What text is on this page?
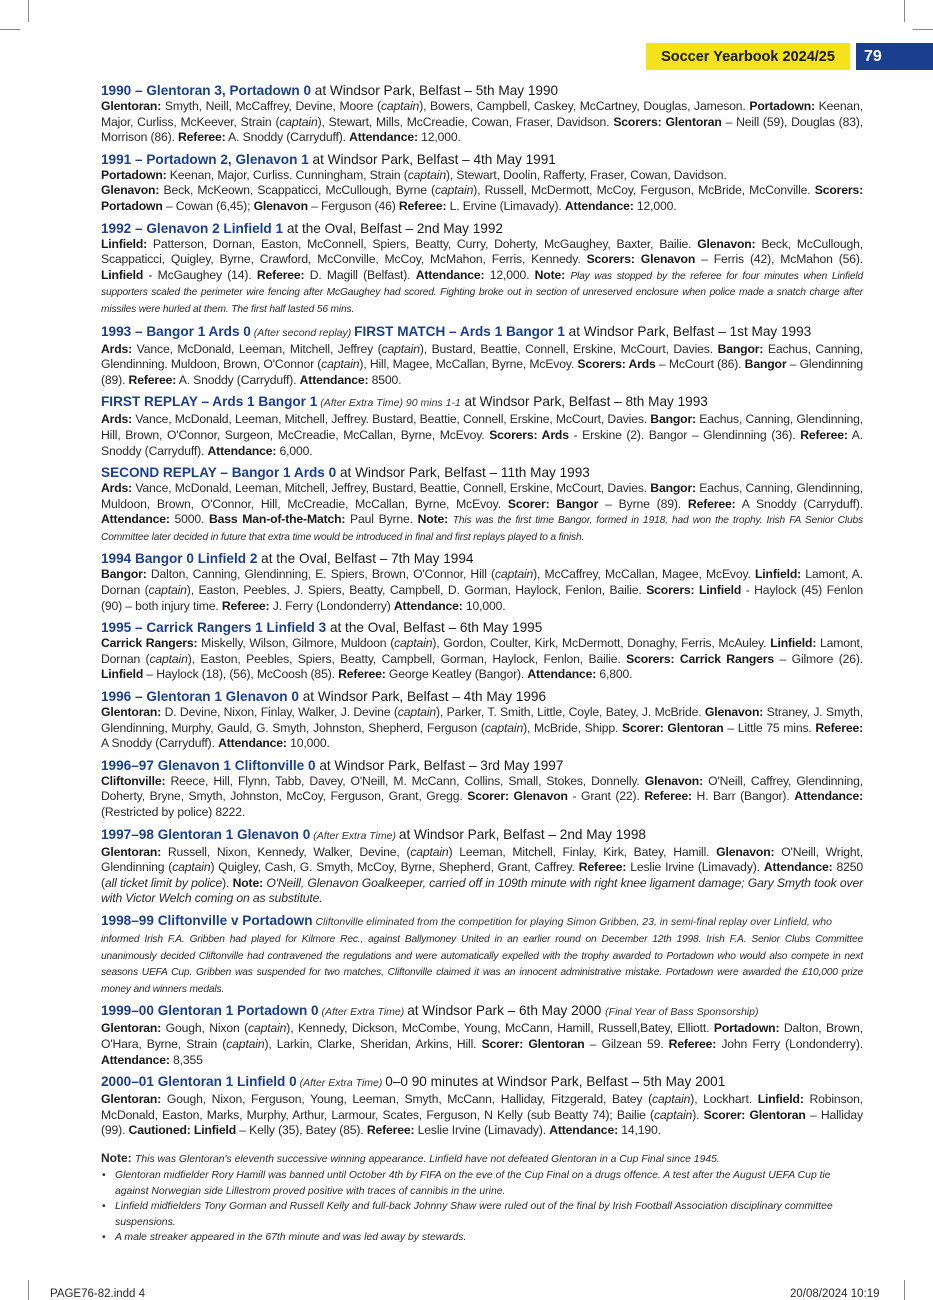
Soccer Yearbook 2024/25	79
1990 – Glentoran 3, Portadown 0 at Windsor Park, Belfast – 5th May 1990
Glentoran: Smyth, Neill, McCaffrey, Devine, Moore (captain), Bowers, Campbell, Caskey, McCartney, Douglas, Jameson. Portadown: Keenan, Major, Curliss, McKeever, Strain (captain), Stewart, Mills, McCreadie, Cowan, Fraser, Davidson. Scorers: Glentoran – Neill (59), Douglas (83), Morrison (86). Referee: A. Snoddy (Carryduff). Attendance: 12,000.
1991 – Portadown 2, Glenavon 1 at Windsor Park, Belfast – 4th May 1991
Portadown: Keenan, Major, Curliss. Cunningham, Strain (captain), Stewart, Doolin, Rafferty, Fraser, Cowan, Davidson.
Glenavon: Beck, McKeown, Scappaticci, McCullough, Byrne (captain), Russell, McDermott, McCoy, Ferguson, McBride, McConville. Scorers: Portadown – Cowan (6,45); Glenavon – Ferguson (46) Referee: L. Ervine (Limavady). Attendance: 12,000.
1992 – Glenavon 2 Linfield 1 at the Oval, Belfast – 2nd May 1992
Linfield: Patterson, Dornan, Easton, McConnell, Spiers, Beatty, Curry, Doherty, McGaughey, Baxter, Bailie. Glenavon: Beck, McCullough, Scappaticci, Quigley, Byrne, Crawford, McConville, McCoy, McMahon, Ferris, Kennedy. Scorers: Glenavon – Ferris (42), McMahon (56). Linfield - McGaughey (14). Referee: D. Magill (Belfast). Attendance: 12,000. Note: Play was stopped by the referee for four minutes when Linfield supporters scaled the perimeter wire fencing after McGaughey had scored. Fighting broke out in section of unreserved enclosure when police made a snatch charge after missiles were hurled at them. The first half lasted 56 mins.
1993 – Bangor 1 Ards 0 (After second replay) FIRST MATCH – Ards 1 Bangor 1 at Windsor Park, Belfast – 1st May 1993
Ards: Vance, McDonald, Leeman, Mitchell, Jeffrey (captain), Bustard, Beattie, Connell, Erskine, McCourt, Davies. Bangor: Eachus, Canning, Glendinning. Muldoon, Brown, O'Connor (captain), Hill, Magee, McCallan, Byrne, McEvoy. Scorers: Ards – McCourt (86). Bangor – Glendinning (89). Referee: A. Snoddy (Carryduff). Attendance: 8500.
FIRST REPLAY – Ards 1 Bangor 1 (After Extra Time) 90 mins 1-1 at Windsor Park, Belfast – 8th May 1993
Ards: Vance, McDonald, Leeman, Mitchell, Jeffrey. Bustard, Beattie, Connell, Erskine, McCourt, Davies. Bangor: Eachus, Canning, Glendinning, Hill, Brown, O'Connor, Surgeon, McCreadie, McCallan, Byrne, McEvoy. Scorers: Ards - Erskine (2). Bangor – Glendinning (36). Referee: A. Snoddy (Carryduff). Attendance: 6,000.
SECOND REPLAY – Bangor 1 Ards 0 at Windsor Park, Belfast – 11th May 1993
Ards: Vance, McDonald, Leeman, Mitchell, Jeffrey, Bustard, Beattie, Connell, Erskine, McCourt, Davies. Bangor: Eachus, Canning, Glendinning, Muldoon, Brown, O'Connor, Hill, McCreadie, McCallan, Byrne, McEvoy. Scorer: Bangor – Byrne (89). Referee: A Snoddy (Carryduff). Attendance: 5000. Bass Man-of-the-Match: Paul Byrne. Note: This was the first time Bangor, formed in 1918, had won the trophy. Irish FA Senior Clubs Committee later decided in future that extra time would be introduced in final and first replays played to a finish.
1994 Bangor 0 Linfield 2 at the Oval, Belfast – 7th May 1994
Bangor: Dalton, Canning, Glendinning, E. Spiers, Brown, O'Connor, Hill (captain), McCaffrey, McCallan, Magee, McEvoy. Linfield: Lamont, A. Dornan (captain), Easton, Peebles, J. Spiers, Beatty, Campbell, D. Gorman, Haylock, Fenlon, Bailie. Scorers: Linfield - Haylock (45) Fenlon (90) – both injury time. Referee: J. Ferry (Londonderry) Attendance: 10,000.
1995 – Carrick Rangers 1 Linfield 3 at the Oval, Belfast – 6th May 1995
Carrick Rangers: Miskelly, Wilson, Gilmore, Muldoon (captain), Gordon, Coulter, Kirk, McDermott, Donaghy, Ferris, McAuley. Linfield: Lamont, Dornan (captain), Easton, Peebles, Spiers, Beatty, Campbell, Gorman, Haylock, Fenlon, Bailie. Scorers: Carrick Rangers – Gilmore (26). Linfield – Haylock (18), (56), McCoosh (85). Referee: George Keatley (Bangor). Attendance: 6,800.
1996 – Glentoran 1 Glenavon 0 at Windsor Park, Belfast – 4th May 1996
Glentoran: D. Devine, Nixon, Finlay, Walker, J. Devine (captain), Parker, T. Smith, Little, Coyle, Batey, J. McBride. Glenavon: Straney, J. Smyth, Glendinning, Murphy, Gauld, G. Smyth, Johnston, Shepherd, Ferguson (captain), McBride, Shipp. Scorer: Glentoran – Little 75 mins. Referee: A Snoddy (Carryduff). Attendance: 10,000.
1996–97 Glenavon 1 Cliftonville 0 at Windsor Park, Belfast – 3rd May 1997
Cliftonville: Reece, Hill, Flynn, Tabb, Davey, O'Neill, M. McCann, Collins, Small, Stokes, Donnelly. Glenavon: O'Neill, Caffrey, Glendinning, Doherty, Bryne, Smyth, Johnston, McCoy, Ferguson, Grant, Gregg. Scorer: Glenavon - Grant (22). Referee: H. Barr (Bangor). Attendance: (Restricted by police) 8222.
1997–98 Glentoran 1 Glenavon 0 (After Extra Time) at Windsor Park, Belfast – 2nd May 1998
Glentoran: Russell, Nixon, Kennedy, Walker, Devine, (captain) Leeman, Mitchell, Finlay, Kirk, Batey, Hamill. Glenavon: O'Neill, Wright, Glendinning (captain) Quigley, Cash, G. Smyth, McCoy, Byrne, Shepherd, Grant, Caffrey. Referee: Leslie Irvine (Limavady). Attendance: 8250 (all ticket limit by police). Note: O'Neill, Glenavon Goalkeeper, carried off in 109th minute with right knee ligament damage; Gary Smyth took over with Victor Welch coming on as substitute.
1998–99 Cliftonville v Portadown Cliftonville eliminated from the competition for playing Simon Gribben, 23, in semi-final replay over Linfield, who
informed Irish F.A. Gribben had played for Kilmore Rec., against Ballymoney United in an earlier round on December 12th 1998. Irish F.A. Senior Clubs Committee unanimously decided Cliftonville had contravened the regulations and were automatically expelled with the trophy awarded to Portadown who would also compete in next seasons UEFA Cup. Gribben was suspended for two matches, Cliftonville claimed it was an innocent administrative mistake. Portadown were awarded the £10,000 prize money and winners medals.
1999–00 Glentoran 1 Portadown 0 (After Extra Time) at Windsor Park – 6th May 2000 (Final Year of Bass Sponsorship)
Glentoran: Gough, Nixon (captain), Kennedy, Dickson, McCombe, Young, McCann, Hamill, Russell,Batey, Elliott. Portadown: Dalton, Brown, O'Hara, Byrne, Strain (captain), Larkin, Clarke, Sheridan, Arkins, Hill. Scorer: Glentoran – Gilzean 59. Referee: John Ferry (Londonderry). Attendance: 8,355
2000–01 Glentoran 1 Linfield 0 (After Extra Time) 0–0 90 minutes at Windsor Park, Belfast – 5th May 2001
Glentoran: Gough, Nixon, Ferguson, Young, Leeman, Smyth, McCann, Halliday, Fitzgerald, Batey (captain), Lockhart. Linfield: Robinson, McDonald, Easton, Marks, Murphy, Arthur, Larmour, Scates, Ferguson, N Kelly (sub Beatty 74); Bailie (captain). Scorer: Glentoran – Halliday (99). Cautioned: Linfield – Kelly (35), Batey (85). Referee: Leslie Irvine (Limavady). Attendance: 14,190.
Note: This was Glentoran's eleventh successive winning appearance. Linfield have not defeated Glentoran in a Cup Final since 1945.
• Glentoran midfielder Rory Hamill was banned until October 4th by FIFA on the eve of the Cup Final on a drugs offence. A test after the August UEFA Cup tie against Norwegian side Lillestrom proved positive with traces of cannibis in the urine.
• Linfield midfielders Tony Gorman and Russell Kelly and full-back Johnny Shaw were ruled out of the final by Irish Football Association disciplinary committee suspensions.
• A male streaker appeared in the 67th minute and was led away by stewards.
PAGE76-82.indd 4	20/08/2024 10:19
